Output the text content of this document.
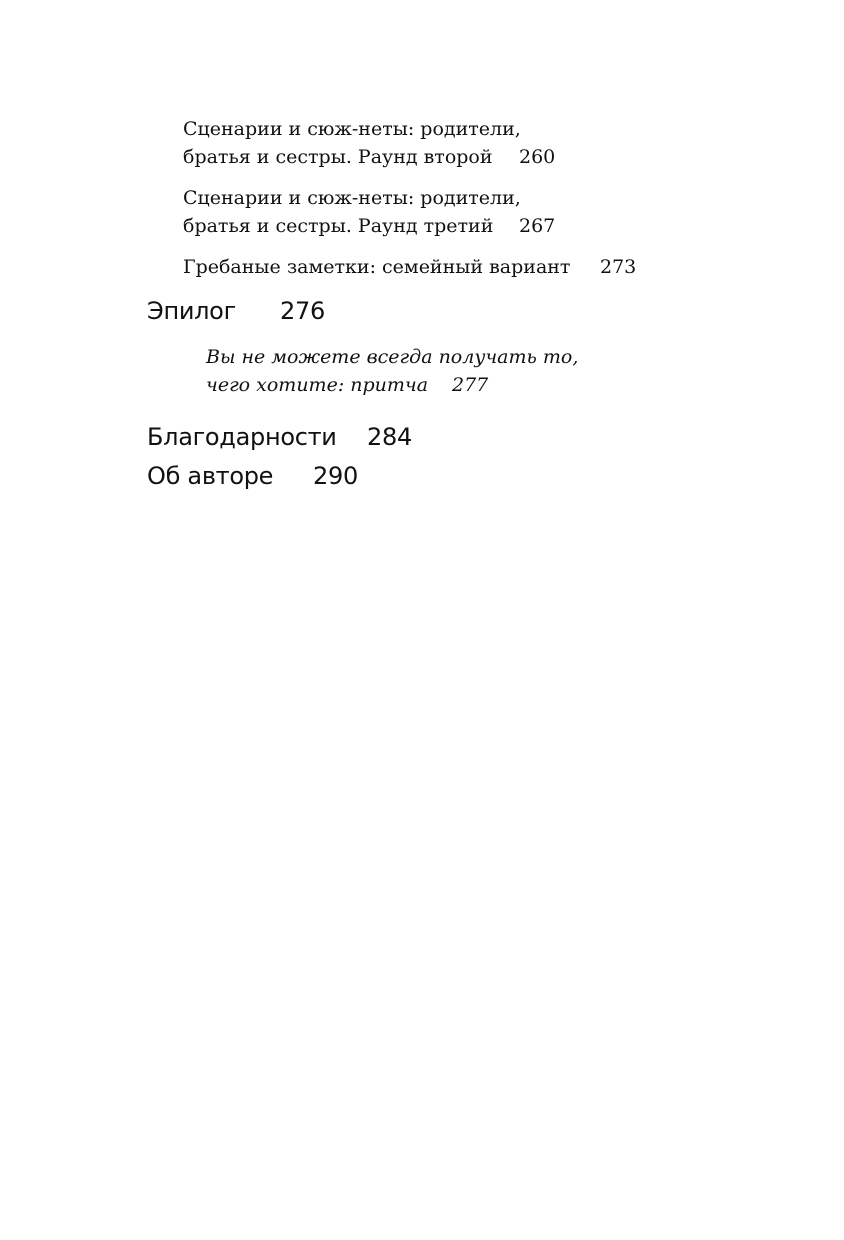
Сценарии и сюж-неты: родители,
братья и сестры. Раунд второй 260
Сценарии и сюж-неты: родители,
братья и сестры. Раунд третий 267
Гребаные заметки: семейный вариант 273
Эпилог 276
Вы не можете всегда получать то,
чего хотите: притча 277
Благодарности 284
Об авторе 290
